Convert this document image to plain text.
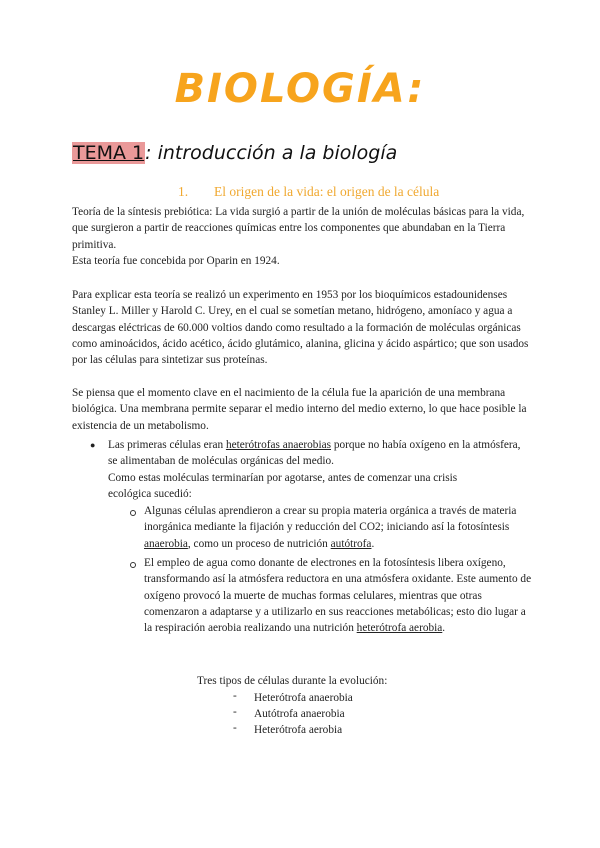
BIOLOGÍA:
TEMA 1: introducción a la biología
1. El origen de la vida: el origen de la célula

Teoría de la síntesis prebiótica: La vida surgió a partir de la unión de moléculas básicas para la vida, que surgieron a partir de reacciones químicas entre los componentes que abundaban en la Tierra primitiva.

Esta teoría fue concebida por Oparin en 1924.

Para explicar esta teoría se realizó un experimento en 1953 por los bioquímicos estadounidenses Stanley L. Miller y Harold C. Urey, en el cual se sometían metano, hidrógeno, amoníaco y agua a descargas eléctricas de 60.000 voltios dando como resultado a la formación de moléculas orgánicas como aminoácidos, ácido acético, ácido glutámico, alanina, glicina y ácido aspártico; que son usados por las células para sintetizar sus proteínas.

Se piensa que el momento clave en el nacimiento de la célula fue la aparición de una membrana biológica. Una membrana permite separar el medio interno del medio externo, lo que hace posible la existencia de un metabolismo.

● Las primeras células eran heterótrofas anaerobias porque no había oxígeno en la atmósfera, se alimentaban de moléculas orgánicas del medio.

Como estas moléculas terminarían por agotarse, antes de comenzar una crisis ecológica sucedió:

Algunas células aprendieron a crear su propia materia orgánica a través de materia inorgánica mediante la fijación y reducción del CO2; iniciando así la fotosíntesis anaerobia, como un proceso de nutrición autótrofa.

El empleo de agua como donante de electrones en la fotosíntesis libera oxígeno, transformando así la atmósfera reductora en una atmósfera oxidante. Este aumento de oxígeno provocó la muerte de muchas formas celulares, mientras que otras comenzaron a adaptarse y a utilizarlo en sus reacciones metabólicas; esto dio lugar a la respiración aerobia realizando una nutrición heterótrofa aerobia.

Tres tipos de células durante la evolución:

- Heterótrofa anaerobia

- Autótrofa anaerobia

- Heterótrofa aerobia
